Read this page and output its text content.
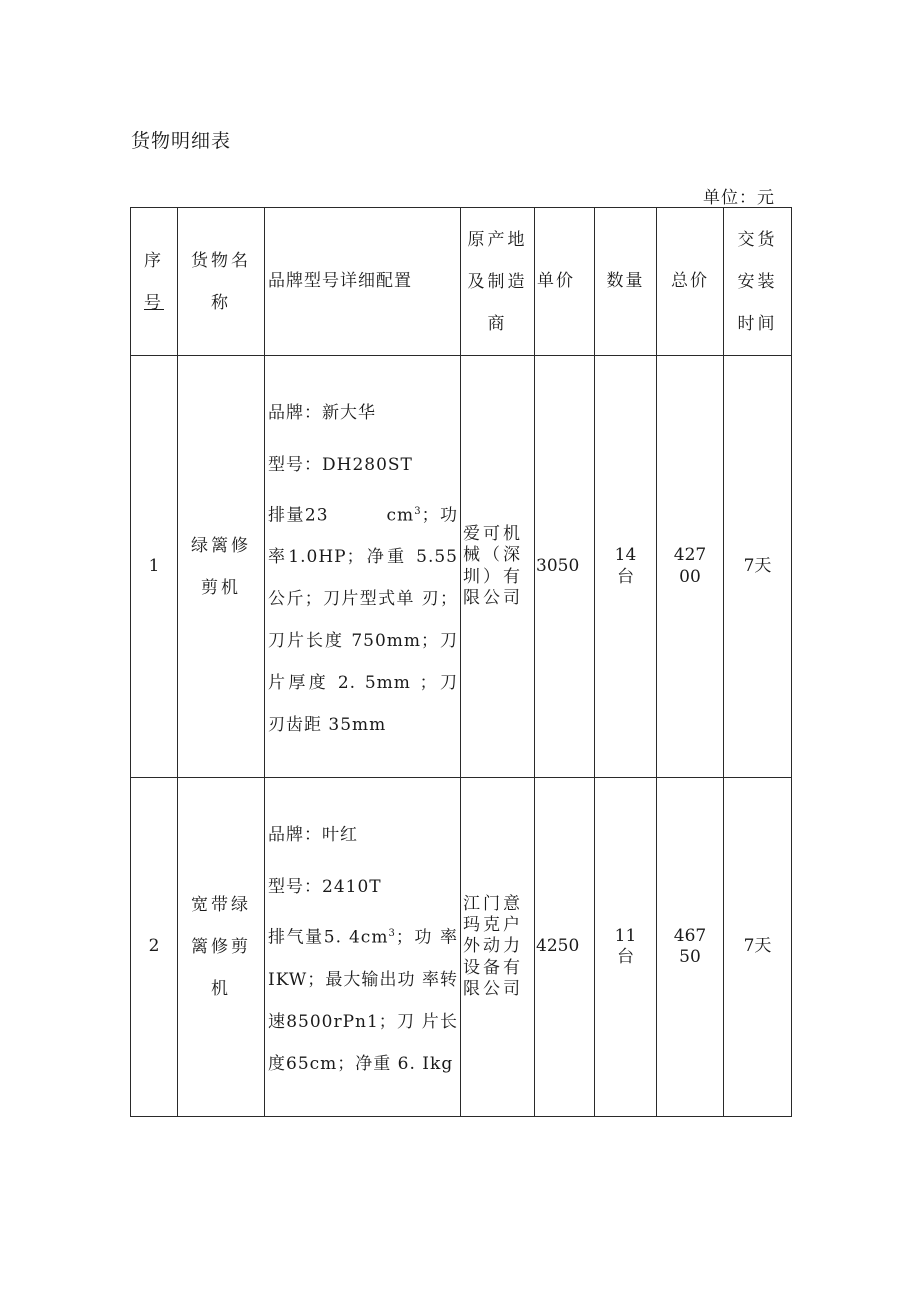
货物明细表
单位：元
序
号	货物名称	品牌型号详细配置	原产地及制造商	单价	数量	总价	交货安装时间
1	绿篱修剪机	品牌：新大华
型号：DH280ST
排量23 $cm^3$；功率1.0HP；净重 5.55 公斤；刀片型式单 刃；刀片长度 750mm；刀片厚度 2. 5mm ；刀刃齿距 35mm	爱可机械（深圳）有限公司	3050	14台	42700	7天
2	宽带绿篱修剪机	品牌：叶红
型号：2410T
排气量5. $4cm^3$；功 率IKW；最大输出功 率转速8500rPn1；刀 片长度65cm；净重 6. Ikg	江门意玛克户外动力设备有限公司	4250	11台	46750	7天
